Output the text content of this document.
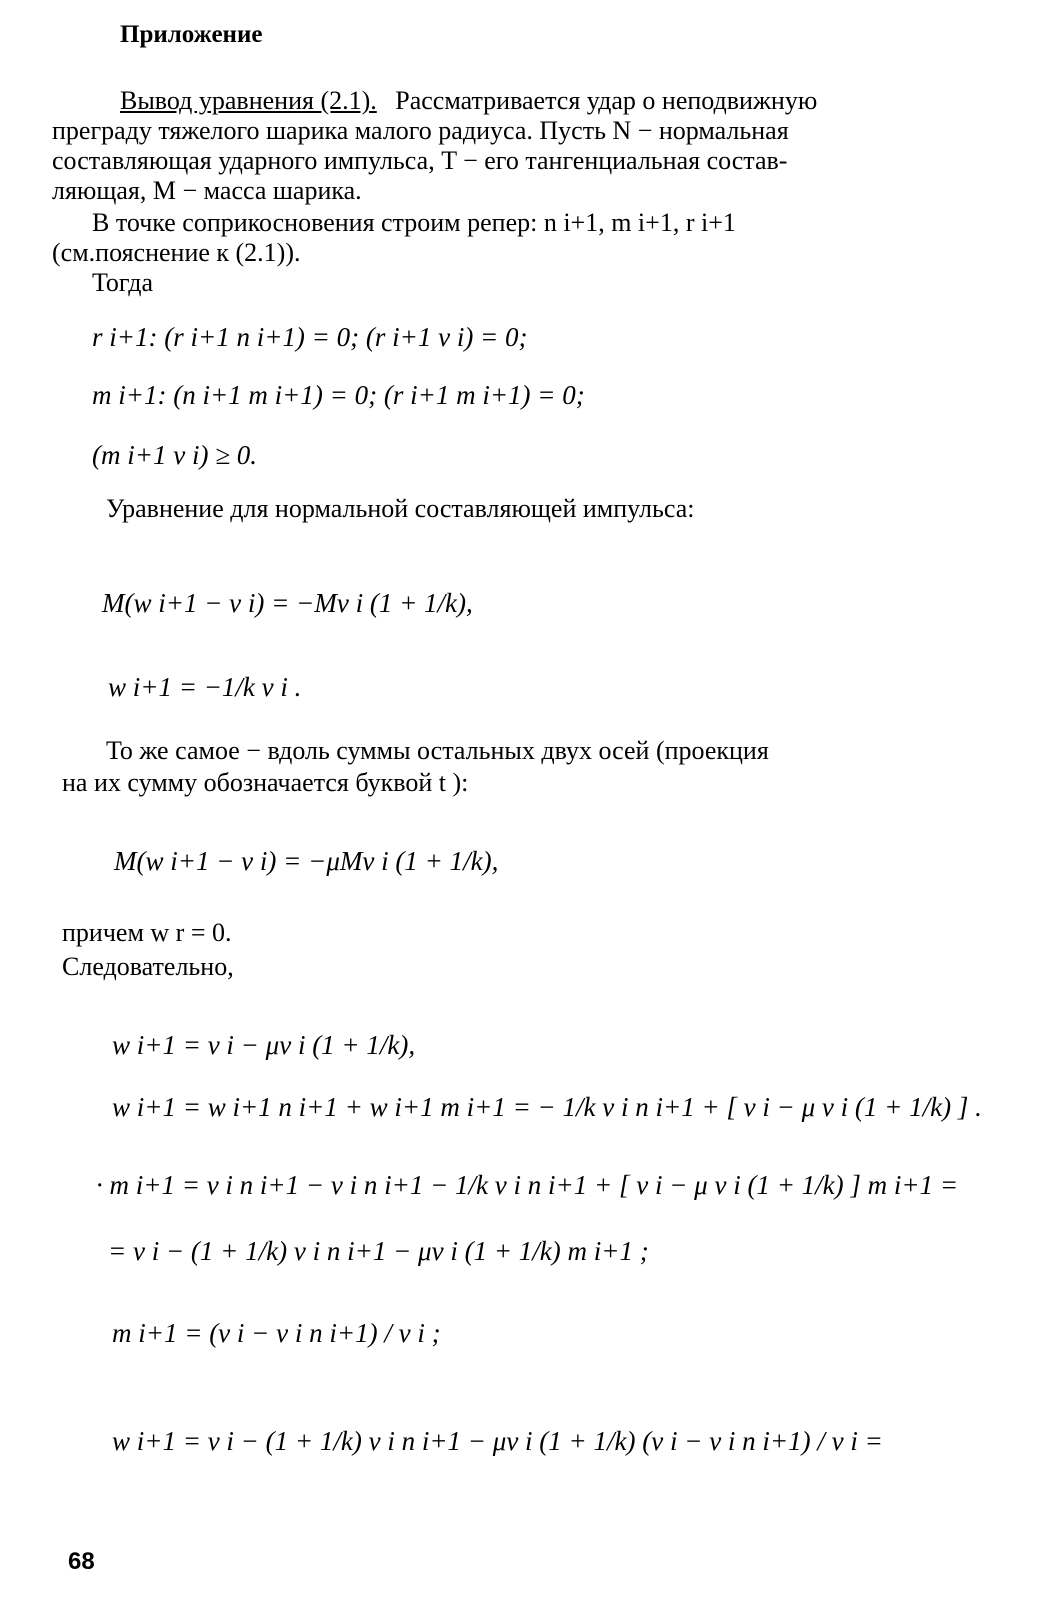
Приложение
Вывод уравнения (2.1). Рассматривается удар о неподвижную
преграду тяжелого шарика малого радиуса. Пусть N − нормальная
составляющая ударного импульса, T − его тангенциальная состав-
ляющая, M − масса шарика.
В точке соприкосновения строим репер: n i+1, m i+1, r i+1
(см.пояснение к (2.1)).
Тогда
r i+1: (r i+1 n i+1) = 0; (r i+1 v i) = 0;
m i+1: (n i+1 m i+1) = 0; (r i+1 m i+1) = 0;
(m i+1 v i) ≥ 0.
Уравнение для нормальной составляющей импульса:
M(w i+1 − v i) = −Mv i (1 + 1/k),
w i+1 = −1/k v i .
То же самое − вдоль суммы остальных двух осей (проекция
на их сумму обозначается буквой t ):
M(w i+1 − v i) = −μMv i (1 + 1/k),
причем w r = 0.
Следовательно,
w i+1 = v i − μv i (1 + 1/k),
w i+1 = w i+1 n i+1 + w i+1 m i+1 = − 1/k v i n i+1 + [ v i − μ v i (1 + 1/k) ] .
· m i+1 = v i n i+1 − v i n i+1 − 1/k v i n i+1 + [ v i − μ v i (1 + 1/k) ] m i+1 =
= v i − (1 + 1/k) v i n i+1 − μv i (1 + 1/k) m i+1 ;
m i+1 = (v i − v i n i+1) / v i ;
w i+1 = v i − (1 + 1/k) v i n i+1 − μv i (1 + 1/k) (v i − v i n i+1) / v i =
68
